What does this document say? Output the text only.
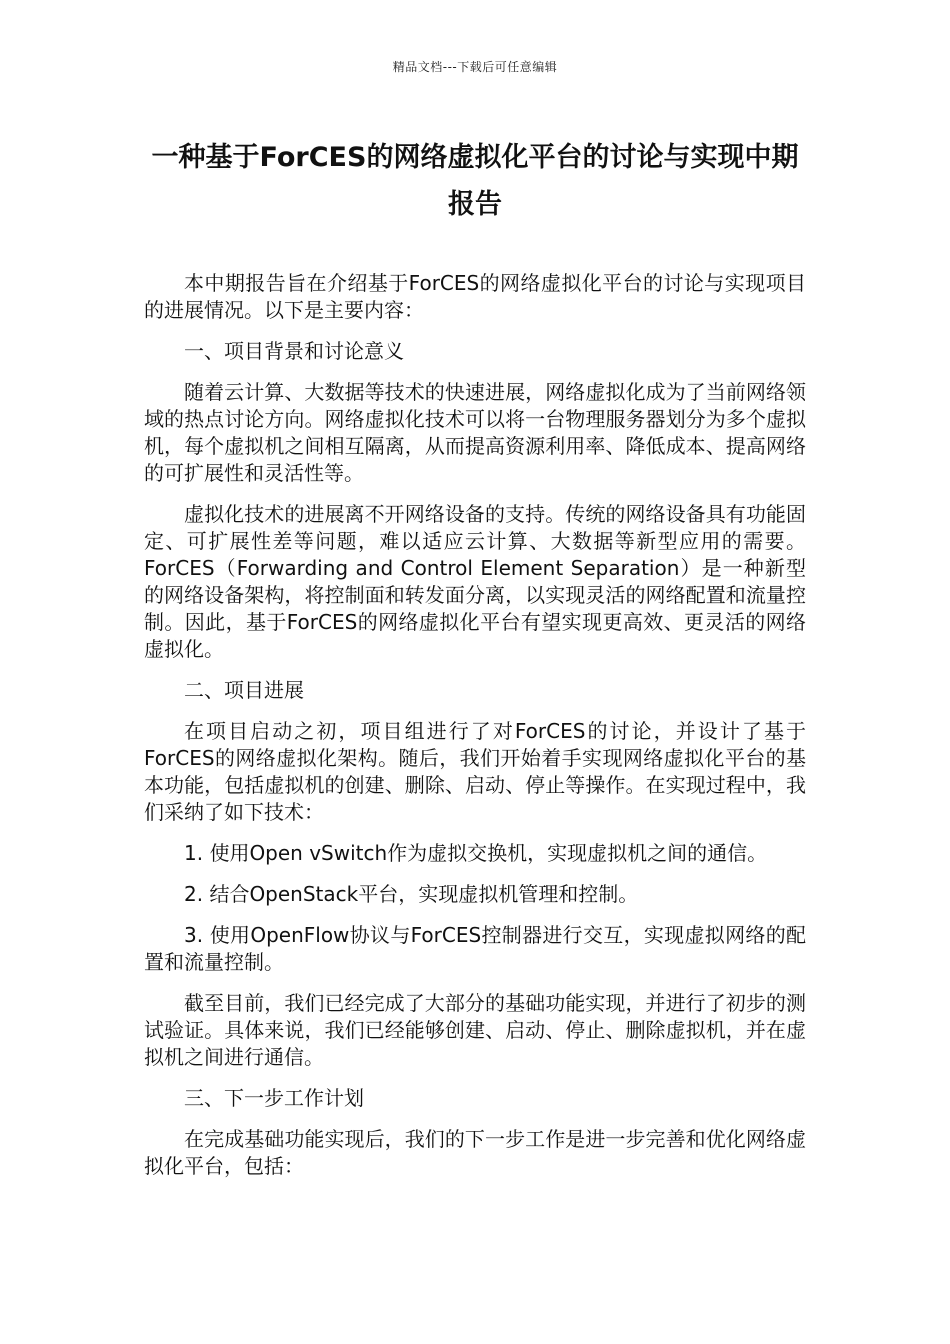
精品文档---下载后可任意编辑
一种基于ForCES的网络虚拟化平台的讨论与实现中期报告

本中期报告旨在介绍基于ForCES的网络虚拟化平台的讨论与实现项目的进展情况。以下是主要内容：

一、项目背景和讨论意义

随着云计算、大数据等技术的快速进展，网络虚拟化成为了当前网络领域的热点讨论方向。网络虚拟化技术可以将一台物理服务器划分为多个虚拟机，每个虚拟机之间相互隔离，从而提高资源利用率、降低成本、提高网络的可扩展性和灵活性等。

虚拟化技术的进展离不开网络设备的支持。传统的网络设备具有功能固定、可扩展性差等问题，难以适应云计算、大数据等新型应用的需要。ForCES（Forwarding and Control Element Separation）是一种新型的网络设备架构，将控制面和转发面分离，以实现灵活的网络配置和流量控制。因此，基于ForCES的网络虚拟化平台有望实现更高效、更灵活的网络虚拟化。

二、项目进展

在项目启动之初，项目组进行了对ForCES的讨论，并设计了基于ForCES的网络虚拟化架构。随后，我们开始着手实现网络虚拟化平台的基本功能，包括虚拟机的创建、删除、启动、停止等操作。在实现过程中，我们采纳了如下技术：

1. 使用Open vSwitch作为虚拟交换机，实现虚拟机之间的通信。

2. 结合OpenStack平台，实现虚拟机管理和控制。

3. 使用OpenFlow协议与ForCES控制器进行交互，实现虚拟网络的配置和流量控制。

截至目前，我们已经完成了大部分的基础功能实现，并进行了初步的测试验证。具体来说，我们已经能够创建、启动、停止、删除虚拟机，并在虚拟机之间进行通信。

三、下一步工作计划

在完成基础功能实现后，我们的下一步工作是进一步完善和优化网络虚拟化平台，包括：
